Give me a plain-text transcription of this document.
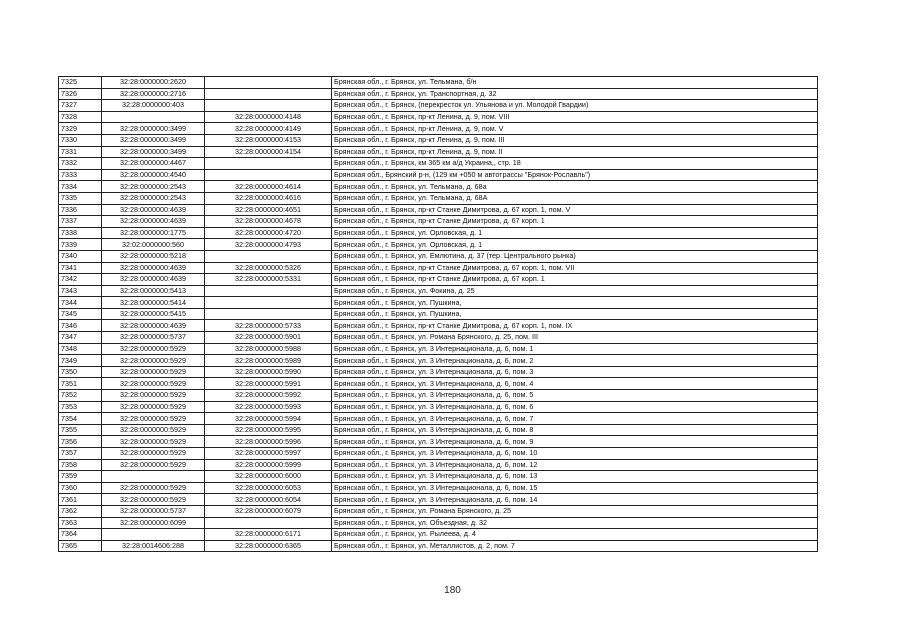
7325	32:28:0000000:2620		Брянская обл., г. Брянск, ул. Тельмана, б/н
7326	32:28:0000000:2716		Брянская обл., г. Брянск, ул. Транспортная, д. 32
7327	32:28:0000000:403		Брянская обл., г. Брянск, (перекресток ул. Ульянова и ул. Молодой Гвардии)
7328		32:28:0000000:4148	Брянская обл., г. Брянск, пр-кт Ленина, д. 9, пом. VIII
7329	32:28:0000000:3499	32:28:0000000:4149	Брянская обл., г. Брянск, пр-кт Ленина, д. 9, пом. V
7330	32:28:0000000:3499	32:28:0000000:4153	Брянская обл., г. Брянск, пр-кт Ленина, д. 9, пом. III
7331	32:28:0000000:3499	32:28:0000000:4154	Брянская обл., г. Брянск, пр-кт Ленина, д. 9, пом. II
7332	32:28:0000000:4467		Брянская обл., г. Брянск, км 365 км а/д Украина,, стр. 18
7333	32:28:0000000:4540		Брянская обл., Брянский р-н, (129 км +050 м автотрассы "Брянок-Рославль")
7334	32:28:0000000:2543	32:28:0000000:4614	Брянская обл., г. Брянск, ул. Тельмана, д. 68а
7335	32:28:0000000:2543	32:28:0000000:4616	Брянская обл., г. Брянск, ул. Тельмана, д. 68А
7336	32:28:0000000:4639	32:28:0000000:4651	Брянская обл., г. Брянск, пр-кт Станке Димитрова, д. 67 корп. 1, пом. V
7337	32:28:0000000:4639	32:28:0000000:4678	Брянская обл., г. Брянск, пр-кт Станке Димитрова, д. 67 корп. 1
7338	32:28:0000000:1775	32:28:0000000:4720	Брянская обл., г. Брянск, ул. Орловская, д. 1
7339	32:02:0000000:560	32:28:0000000:4793	Брянская обл., г. Брянск, ул. Орловская, д. 1
7340	32:28:0000000:5218		Брянская обл., г. Брянск, ул. Емлютина, д. 37 (тер. Центрального рынка)
7341	32:28:0000000:4639	32:28:0000000:5326	Брянская обл., г. Брянск, пр-кт Станке Димитрова, д. 67 корп. 1, пом. VII
7342	32:28:0000000:4639	32:28:0000000:5331	Брянская обл., г. Брянск, пр-кт Станке Димитрова, д. 67 корп. 1
7343	32:28:0000000:5413		Брянская обл., г. Брянск, ул. Фокина, д. 25
7344	32:28:0000000:5414		Брянская обл., г. Брянск, ул. Пушкина,
7345	32:28:0000000:5415		Брянская обл., г. Брянск, ул. Пушкина,
7346	32:28:0000000:4639	32:28:0000000:5733	Брянская обл., г. Брянск, пр-кт Станке Димитрова, д. 67 корп. 1, пом. IX
7347	32:28:0000000:5737	32:28:0000000:5901	Брянская обл., г. Брянск, ул. Романа Брянского, д. 25, пом. III
7348	32:28:0000000:5929	32:28:0000000:5988	Брянская обл., г. Брянск, ул. 3 Интернационала, д. 6, пом. 1
7349	32:28:0000000:5929	32:28:0000000:5989	Брянская обл., г. Брянск, ул. 3 Интернационала, д. 6, пом. 2
7350	32:28:0000000:5929	32:28:0000000:5990	Брянская обл., г. Брянск, ул. 3 Интернационала, д. 6, пом. 3
7351	32:28:0000000:5929	32:28:0000000:5991	Брянская обл., г. Брянск, ул. 3 Интернационала, д. 6, пом. 4
7352	32:28:0000000:5929	32:28:0000000:5992	Брянская обл., г. Брянск, ул. 3 Интернационала, д. 6, пом. 5
7353	32:28:0000000:5929	32:28:0000000:5993	Брянская обл., г. Брянск, ул. 3 Интернационала, д. 6, пом. 6
7354	32:28:0000000:5929	32:28:0000000:5994	Брянская обл., г. Брянск, ул. 3 Интернационала, д. 6, пом. 7
7355	32:28:0000000:5929	32:28:0000000:5995	Брянская обл., г. Брянск, ул. 3 Интернационала, д. 6, пом. 8
7356	32:28:0000000:5929	32:28:0000000:5996	Брянская обл., г. Брянск, ул. 3 Интернационала, д. 6, пом. 9
7357	32:28:0000000:5929	32:28:0000000:5997	Брянская обл., г. Брянск, ул. 3 Интернационала, д. 6, пом. 10
7358	32:28:0000000:5929	32:28:0000000:5999	Брянская обл., г. Брянск, ул. 3 Интернационала, д. 6, пом. 12
7359		32:28:0000000:6000	Брянская обл., г. Брянск, ул. 3 Интернационала, д. 6, пом. 13
7360	32:28:0000000:5929	32:28:0000000:6053	Брянская обл., г. Брянск, ул. 3 Интернационала, д. 6, пом. 15
7361	32:28:0000000:5929	32:28:0000000:6054	Брянская обл., г. Брянск, ул. 3 Интернационала, д. 6, пом. 14
7362	32:28:0000000:5737	32:28:0000000:6079	Брянская обл., г. Брянск, ул. Романа Брянского, д. 25
7363	32:28:0000000:6099		Брянская обл., г. Брянск, ул. Объездная, д. 32
7364		32:28:0000000:6171	Брянская обл., г. Брянск, ул. Рылеева, д. 4
7365	32:28:0014606:288	32:28:0000000:6365	Брянская обл., г. Брянск, ул. Металлистов, д. 2, пом. 7
180
